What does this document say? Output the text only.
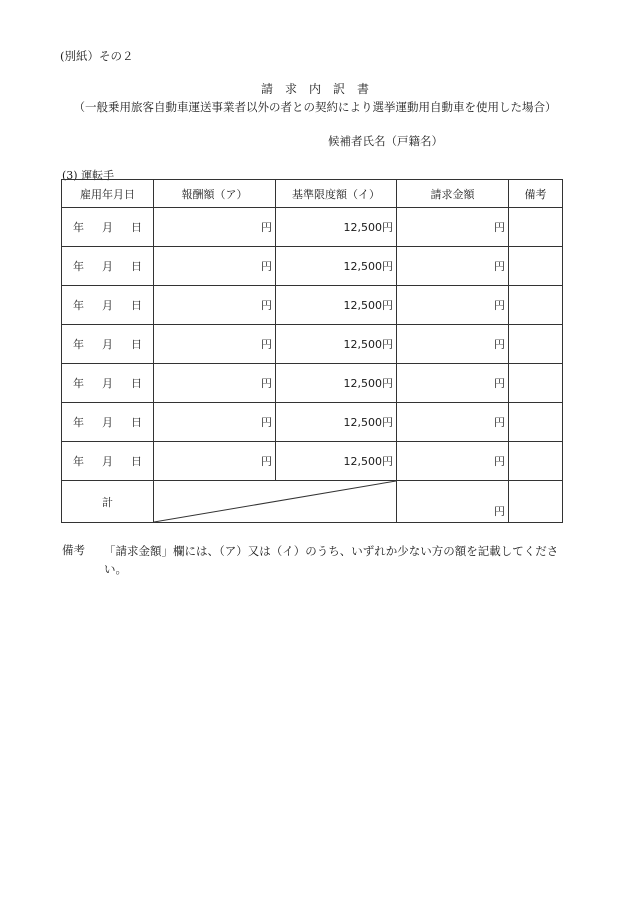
(別紙）その２
請求内訳書
（一般乗用旅客自動車運送事業者以外の者との契約により選挙運動用自動車を使用した場合）
候補者氏名（戸籍名）
(3) 運転手
雇用年月日	報酬額（ア）	基準限度額（イ）	請求金額	備考
年 月 日	円	12,500円	円	
年 月 日	円	12,500円	円	
年 月 日	円	12,500円	円	
年 月 日	円	12,500円	円	
年 月 日	円	12,500円	円	
年 月 日	円	12,500円	円	
年 月 日	円	12,500円	円	
計			円	
備考 「請求金額」欄には、（ア）又は（イ）のうち、いずれか少ない方の額を記載してください。
